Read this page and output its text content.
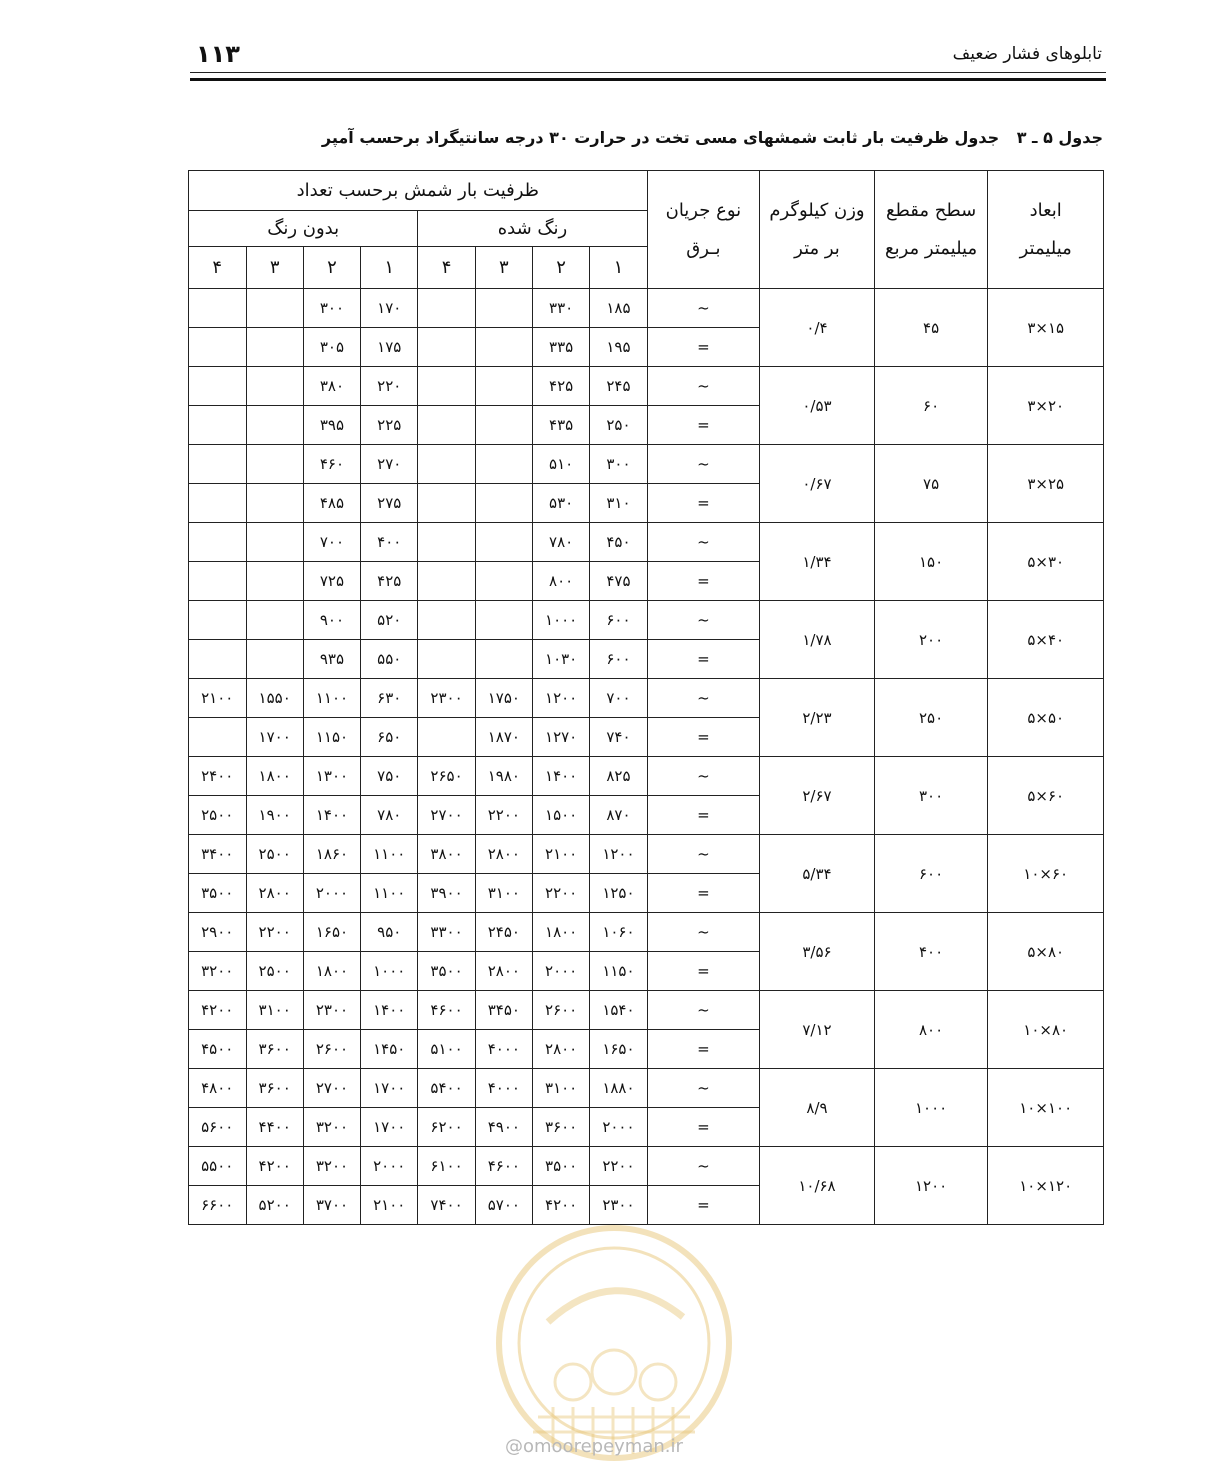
۱۱۳	تابلوهای فشار ضعیف
جدول ۵ ـ ۳ جدول ظرفیت بار ثابت شمشهای مسی تخت در حرارت ۳۰ درجه سانتیگراد برحسب آمپر
ابعاد میلیمتر	سطح مقطع میلیمتر مربع	وزن کیلوگرم بر متر	نوع جریان بـرق	ظرفیت بار شمش برحسب تعداد							
				رنگ شده				بدون رنگ			
				۱	۲	۳	۴	۱	۲	۳	۴
۱۵×۳	۴۵	۰/۴	~	۱۸۵	۳۳۰			۱۷۰	۳۰۰		
			=	۱۹۵	۳۳۵			۱۷۵	۳۰۵		
۲۰×۳	۶۰	۰/۵۳	~	۲۴۵	۴۲۵			۲۲۰	۳۸۰		
			=	۲۵۰	۴۳۵			۲۲۵	۳۹۵		
۲۵×۳	۷۵	۰/۶۷	~	۳۰۰	۵۱۰			۲۷۰	۴۶۰		
			=	۳۱۰	۵۳۰			۲۷۵	۴۸۵		
۳۰×۵	۱۵۰	۱/۳۴	~	۴۵۰	۷۸۰			۴۰۰	۷۰۰		
			=	۴۷۵	۸۰۰			۴۲۵	۷۲۵		
۴۰×۵	۲۰۰	۱/۷۸	~	۶۰۰	۱۰۰۰			۵۲۰	۹۰۰		
			=	۶۰۰	۱۰۳۰			۵۵۰	۹۳۵		
۵۰×۵	۲۵۰	۲/۲۳	~	۷۰۰	۱۲۰۰	۱۷۵۰	۲۳۰۰	۶۳۰	۱۱۰۰	۱۵۵۰	۲۱۰۰
			=	۷۴۰	۱۲۷۰	۱۸۷۰		۶۵۰	۱۱۵۰	۱۷۰۰	
۶۰×۵	۳۰۰	۲/۶۷	~	۸۲۵	۱۴۰۰	۱۹۸۰	۲۶۵۰	۷۵۰	۱۳۰۰	۱۸۰۰	۲۴۰۰
			=	۸۷۰	۱۵۰۰	۲۲۰۰	۲۷۰۰	۷۸۰	۱۴۰۰	۱۹۰۰	۲۵۰۰
۶۰×۱۰	۶۰۰	۵/۳۴	~	۱۲۰۰	۲۱۰۰	۲۸۰۰	۳۸۰۰	۱۱۰۰	۱۸۶۰	۲۵۰۰	۳۴۰۰
			=	۱۲۵۰	۲۲۰۰	۳۱۰۰	۳۹۰۰	۱۱۰۰	۲۰۰۰	۲۸۰۰	۳۵۰۰
۸۰×۵	۴۰۰	۳/۵۶	~	۱۰۶۰	۱۸۰۰	۲۴۵۰	۳۳۰۰	۹۵۰	۱۶۵۰	۲۲۰۰	۲۹۰۰
			=	۱۱۵۰	۲۰۰۰	۲۸۰۰	۳۵۰۰	۱۰۰۰	۱۸۰۰	۲۵۰۰	۳۲۰۰
۸۰×۱۰	۸۰۰	۷/۱۲	~	۱۵۴۰	۲۶۰۰	۳۴۵۰	۴۶۰۰	۱۴۰۰	۲۳۰۰	۳۱۰۰	۴۲۰۰
			=	۱۶۵۰	۲۸۰۰	۴۰۰۰	۵۱۰۰	۱۴۵۰	۲۶۰۰	۳۶۰۰	۴۵۰۰
۱۰۰×۱۰	۱۰۰۰	۸/۹	~	۱۸۸۰	۳۱۰۰	۴۰۰۰	۵۴۰۰	۱۷۰۰	۲۷۰۰	۳۶۰۰	۴۸۰۰
			=	۲۰۰۰	۳۶۰۰	۴۹۰۰	۶۲۰۰	۱۷۰۰	۳۲۰۰	۴۴۰۰	۵۶۰۰
۱۲۰×۱۰	۱۲۰۰	۱۰/۶۸	~	۲۲۰۰	۳۵۰۰	۴۶۰۰	۶۱۰۰	۲۰۰۰	۳۲۰۰	۴۲۰۰	۵۵۰۰
			=	۲۳۰۰	۴۲۰۰	۵۷۰۰	۷۴۰۰	۲۱۰۰	۳۷۰۰	۵۲۰۰	۶۶۰۰
@omoorepeyman.ir
